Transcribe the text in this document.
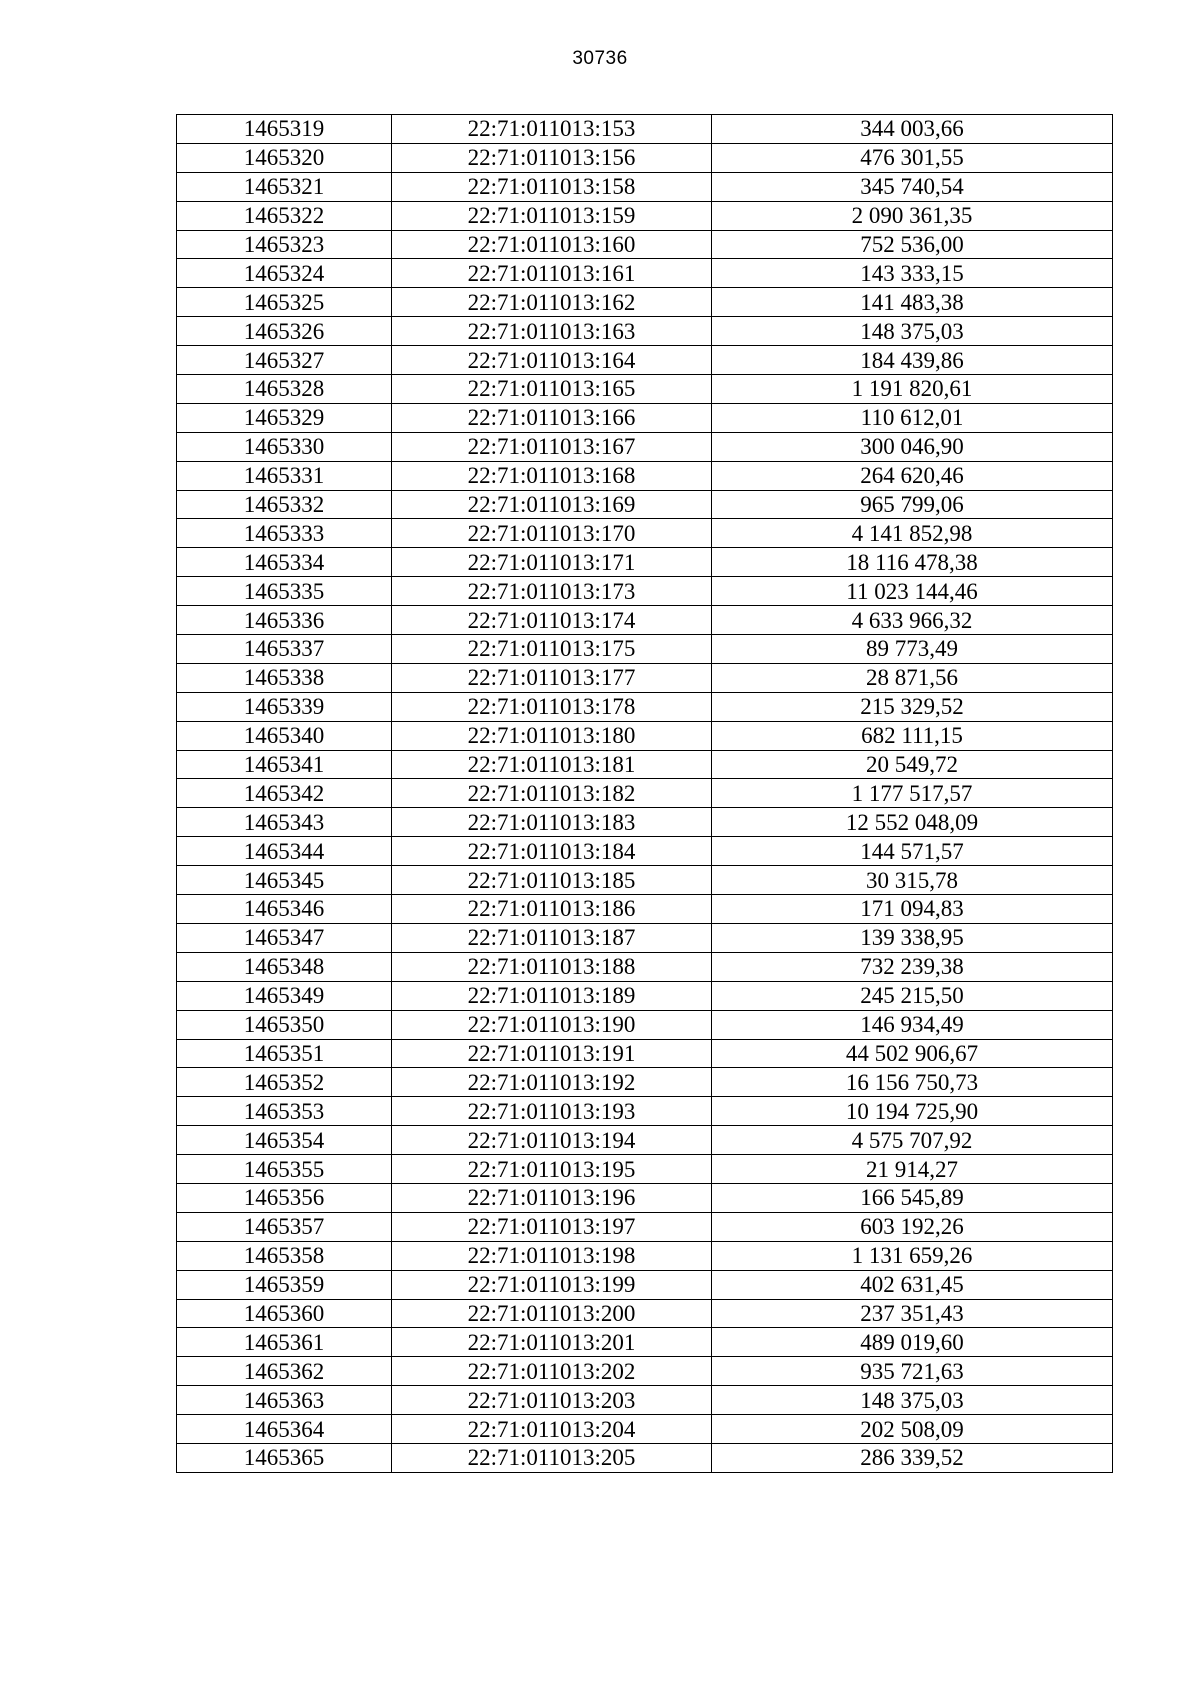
30736
1465319	22:71:011013:153	344 003,66
1465320	22:71:011013:156	476 301,55
1465321	22:71:011013:158	345 740,54
1465322	22:71:011013:159	2 090 361,35
1465323	22:71:011013:160	752 536,00
1465324	22:71:011013:161	143 333,15
1465325	22:71:011013:162	141 483,38
1465326	22:71:011013:163	148 375,03
1465327	22:71:011013:164	184 439,86
1465328	22:71:011013:165	1 191 820,61
1465329	22:71:011013:166	110 612,01
1465330	22:71:011013:167	300 046,90
1465331	22:71:011013:168	264 620,46
1465332	22:71:011013:169	965 799,06
1465333	22:71:011013:170	4 141 852,98
1465334	22:71:011013:171	18 116 478,38
1465335	22:71:011013:173	11 023 144,46
1465336	22:71:011013:174	4 633 966,32
1465337	22:71:011013:175	89 773,49
1465338	22:71:011013:177	28 871,56
1465339	22:71:011013:178	215 329,52
1465340	22:71:011013:180	682 111,15
1465341	22:71:011013:181	20 549,72
1465342	22:71:011013:182	1 177 517,57
1465343	22:71:011013:183	12 552 048,09
1465344	22:71:011013:184	144 571,57
1465345	22:71:011013:185	30 315,78
1465346	22:71:011013:186	171 094,83
1465347	22:71:011013:187	139 338,95
1465348	22:71:011013:188	732 239,38
1465349	22:71:011013:189	245 215,50
1465350	22:71:011013:190	146 934,49
1465351	22:71:011013:191	44 502 906,67
1465352	22:71:011013:192	16 156 750,73
1465353	22:71:011013:193	10 194 725,90
1465354	22:71:011013:194	4 575 707,92
1465355	22:71:011013:195	21 914,27
1465356	22:71:011013:196	166 545,89
1465357	22:71:011013:197	603 192,26
1465358	22:71:011013:198	1 131 659,26
1465359	22:71:011013:199	402 631,45
1465360	22:71:011013:200	237 351,43
1465361	22:71:011013:201	489 019,60
1465362	22:71:011013:202	935 721,63
1465363	22:71:011013:203	148 375,03
1465364	22:71:011013:204	202 508,09
1465365	22:71:011013:205	286 339,52
